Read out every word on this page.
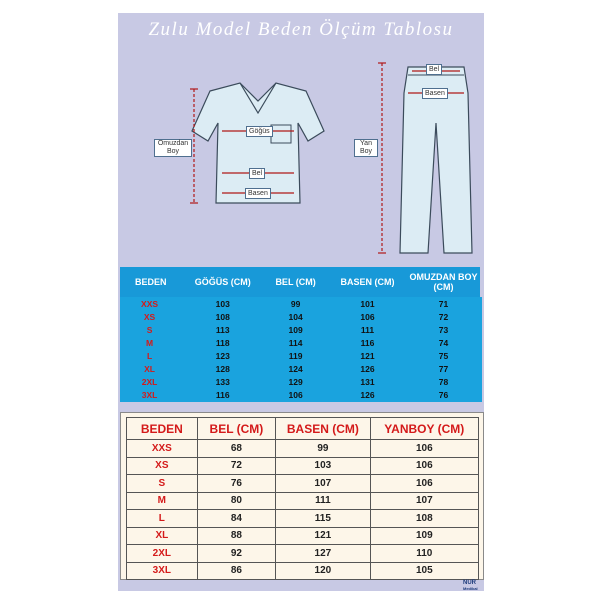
Zulu Model Beden Ölçüm Tablosu
Göğüs
Bel
Basen
Omuzdan
Boy
Yan
Boy
Bel
Basen
BEDEN	GÖĞÜS (CM)	BEL (CM)	BASEN (CM)	OMUZDAN BOY (CM)
XXS	103	99	101	71
XS	108	104	106	72
S	113	109	111	73
M	118	114	116	74
L	123	119	121	75
XL	128	124	126	77
2XL	133	129	131	78
3XL	116	106	126	76
BEDEN	BEL (CM)	BASEN (CM)	YANBOY (CM)
XXS	68	99	106
XS	72	103	106
S	76	107	106
M	80	111	107
L	84	115	108
XL	88	121	109
2XL	92	127	110
3XL	86	120	105
NUR
Medikal
